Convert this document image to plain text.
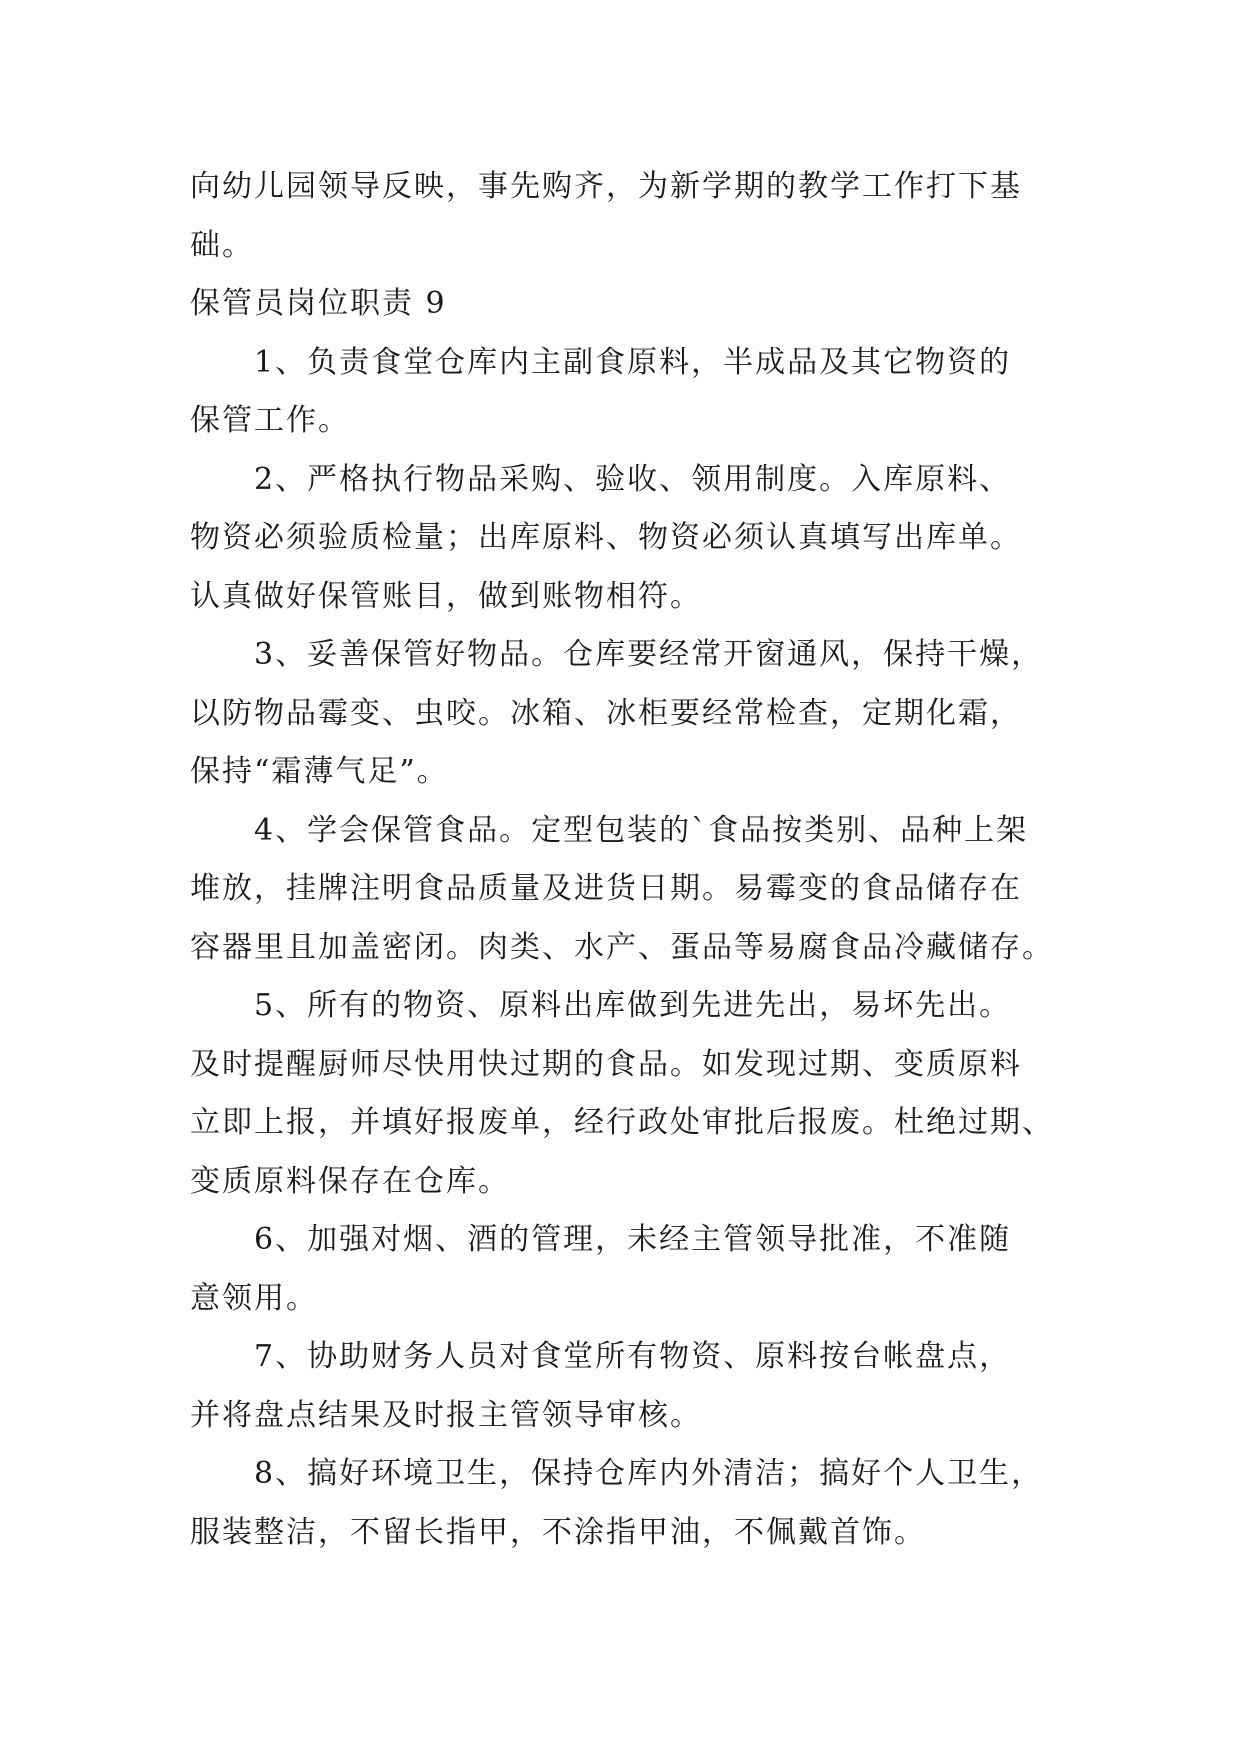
向幼儿园领导反映，事先购齐，为新学期的教学工作打下基
础。
保管员岗位职责 9
1、负责食堂仓库内主副食原料，半成品及其它物资的
保管工作。
2、严格执行物品采购、验收、领用制度。入库原料、
物资必须验质检量；出库原料、物资必须认真填写出库单。
认真做好保管账目，做到账物相符。
3、妥善保管好物品。仓库要经常开窗通风，保持干燥，
以防物品霉变、虫咬。冰箱、冰柜要经常检查，定期化霜，
保持“霜薄气足”。
4、学会保管食品。定型包装的`食品按类别、品种上架
堆放，挂牌注明食品质量及进货日期。易霉变的食品储存在
容器里且加盖密闭。肉类、水产、蛋品等易腐食品冷藏储存。
5、所有的物资、原料出库做到先进先出，易坏先出。
及时提醒厨师尽快用快过期的食品。如发现过期、变质原料
立即上报，并填好报废单，经行政处审批后报废。杜绝过期、
变质原料保存在仓库。
6、加强对烟、酒的管理，未经主管领导批准，不准随
意领用。
7、协助财务人员对食堂所有物资、原料按台帐盘点，
并将盘点结果及时报主管领导审核。
8、搞好环境卫生，保持仓库内外清洁；搞好个人卫生，
服装整洁，不留长指甲，不涂指甲油，不佩戴首饰。
